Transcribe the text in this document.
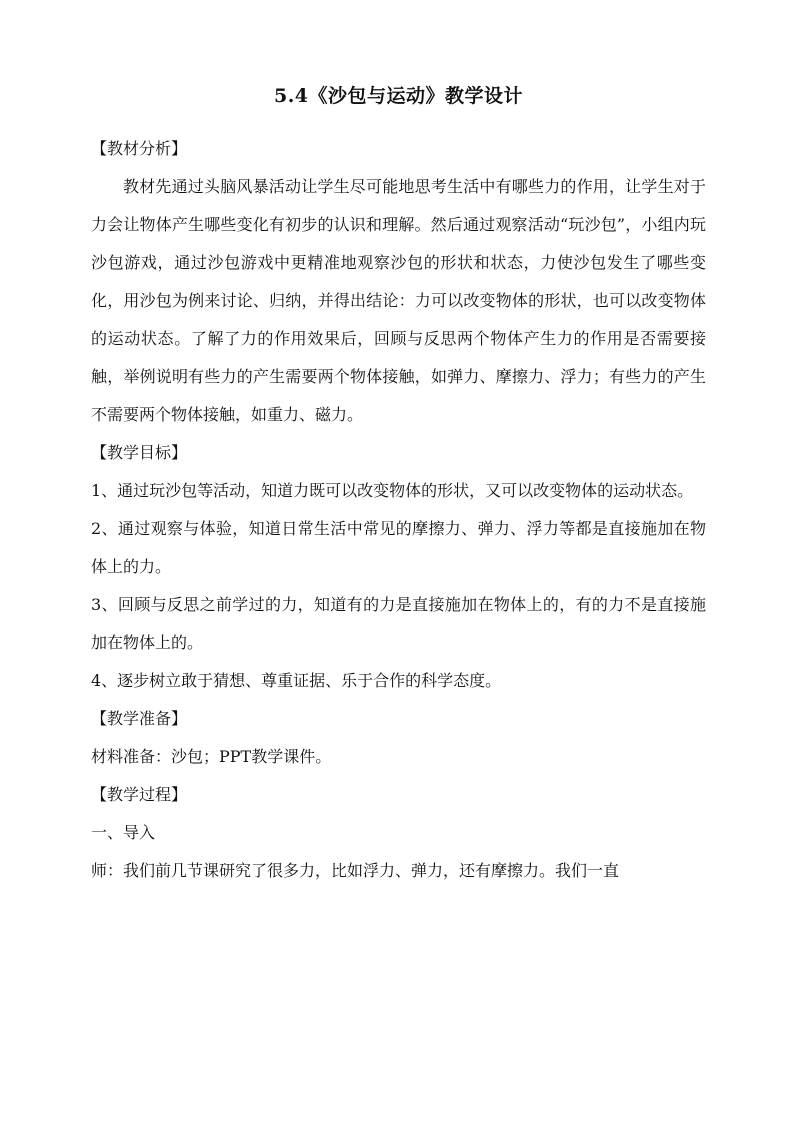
5.4《沙包与运动》教学设计

【教材分析】

教材先通过头脑风暴活动让学生尽可能地思考生活中有哪些力的作用，让学生对于力会让物体产生哪些变化有初步的认识和理解。然后通过观察活动“玩沙包”，小组内玩沙包游戏，通过沙包游戏中更精准地观察沙包的形状和状态，力使沙包发生了哪些变化，用沙包为例来讨论、归纳，并得出结论：力可以改变物体的形状，也可以改变物体的运动状态。了解了力的作用效果后，回顾与反思两个物体产生力的作用是否需要接触，举例说明有些力的产生需要两个物体接触，如弹力、摩擦力、浮力；有些力的产生不需要两个物体接触，如重力、磁力。

【教学目标】

1、通过玩沙包等活动，知道力既可以改变物体的形状，又可以改变物体的运动状态。

2、通过观察与体验，知道日常生活中常见的摩擦力、弹力、浮力等都是直接施加在物体上的力。

3、回顾与反思之前学过的力，知道有的力是直接施加在物体上的，有的力不是直接施加在物体上的。

4、逐步树立敢于猜想、尊重证据、乐于合作的科学态度。

【教学准备】

材料准备：沙包；PPT教学课件。

【教学过程】

一、导入

师：我们前几节课研究了很多力，比如浮力、弹力，还有摩擦力。我们一直
